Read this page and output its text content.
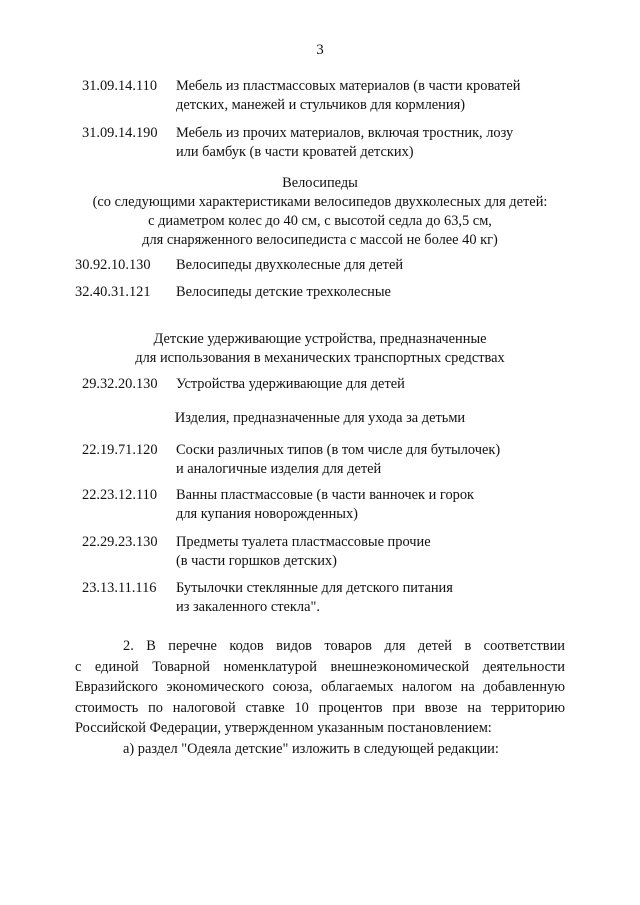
3
31.09.14.110 Мебель из пластмассовых материалов (в части кроватей
детских, манежей и стульчиков для кормления)
31.09.14.190 Мебель из прочих материалов, включая тростник, лозу
или бамбук (в части кроватей детских)
Велосипеды
(со следующими характеристиками велосипедов двухколесных для детей:
с диаметром колес до 40 см, с высотой седла до 63,5 см,
для снаряженного велосипедиста с массой не более 40 кг)
30.92.10.130 Велосипеды двухколесные для детей
32.40.31.121 Велосипеды детские трехколесные
Детские удерживающие устройства, предназначенные
для использования в механических транспортных средствах
29.32.20.130 Устройства удерживающие для детей
Изделия, предназначенные для ухода за детьми
22.19.71.120 Соски различных типов (в том числе для бутылочек)
и аналогичные изделия для детей
22.23.12.110 Ванны пластмассовые (в части ванночек и горок
для купания новорожденных)
22.29.23.130 Предметы туалета пластмассовые прочие
(в части горшков детских)
23.13.11.116 Бутылочки стеклянные для детского питания
из закаленного стекла".
2. В перечне кодов видов товаров для детей в соответствии
с единой Товарной номенклатурой внешнеэкономической деятельности
Евразийского экономического союза, облагаемых налогом на добавленную
стоимость по налоговой ставке 10 процентов при ввозе на территорию
Российской Федерации, утвержденном указанным постановлением:
а) раздел "Одеяла детские" изложить в следующей редакции:
